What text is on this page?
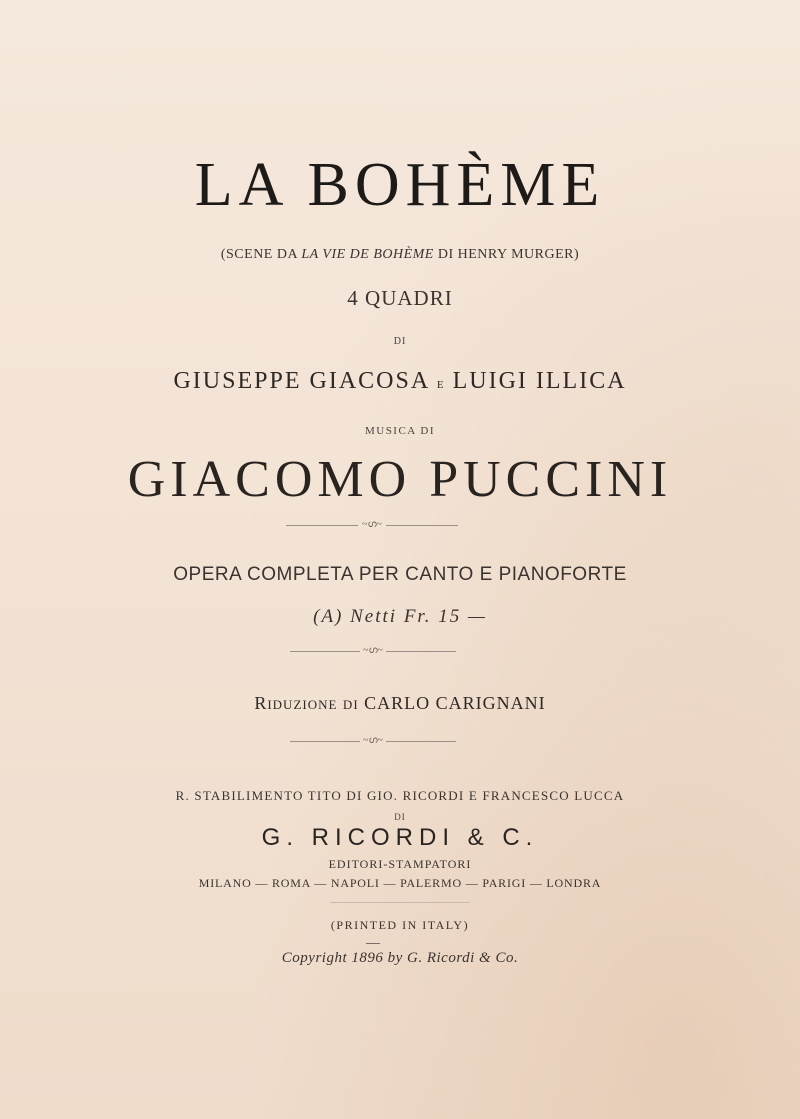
LA BOHÈME
(SCENE DA LA VIE DE BOHÈME DI HENRY MURGER)
4 QUADRI
DI
GIUSEPPE GIACOSA E LUIGI ILLICA
MUSICA DI
GIACOMO PUCCINI
~ഗ~
OPERA COMPLETA PER CANTO E PIANOFORTE
(A) Netti Fr. 15 —
~ഗ~
Riduzione di CARLO CARIGNANI
~ഗ~
R. STABILIMENTO TITO DI GIO. RICORDI E FRANCESCO LUCCA
DI
G. RICORDI & C.
EDITORI-STAMPATORI
MILANO — ROMA — NAPOLI — PALERMO — PARIGI — LONDRA
(PRINTED IN ITALY)
Copyright 1896 by G. Ricordi & Co.
